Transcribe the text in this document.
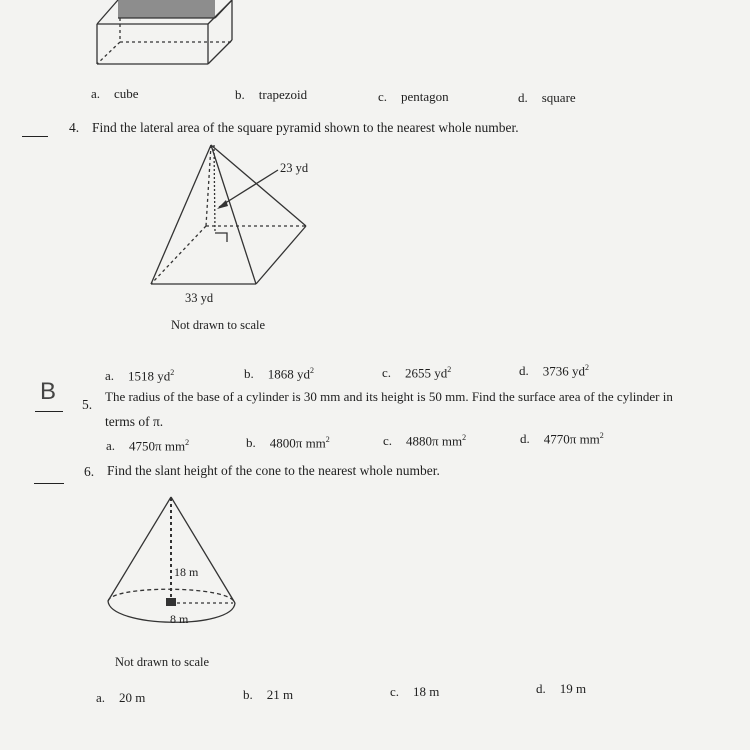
B
a. cube	b. trapezoid	c. pentagon	d. square
4. Find the lateral area of the square pyramid shown to the nearest whole number.
23 yd
33 yd
Not drawn to scale
a. 1518 $yd^2$	b. 1868 $yd^2$	c. 2655 $yd^2$	d. 3736 $yd^2$
5.
The radius of the base of a cylinder is 30 mm and its height is 50 mm. Find the surface area of the cylinder in
terms of π.
a. 4750π $mm^2$	b. 4800π $mm^2$	c. 4880π $mm^2$	d. 4770π $mm^2$
6. Find the slant height of the cone to the nearest whole number.
18 m
8 m
Not drawn to scale
a. 20 m	b. 21 m	c. 18 m	d. 19 m
